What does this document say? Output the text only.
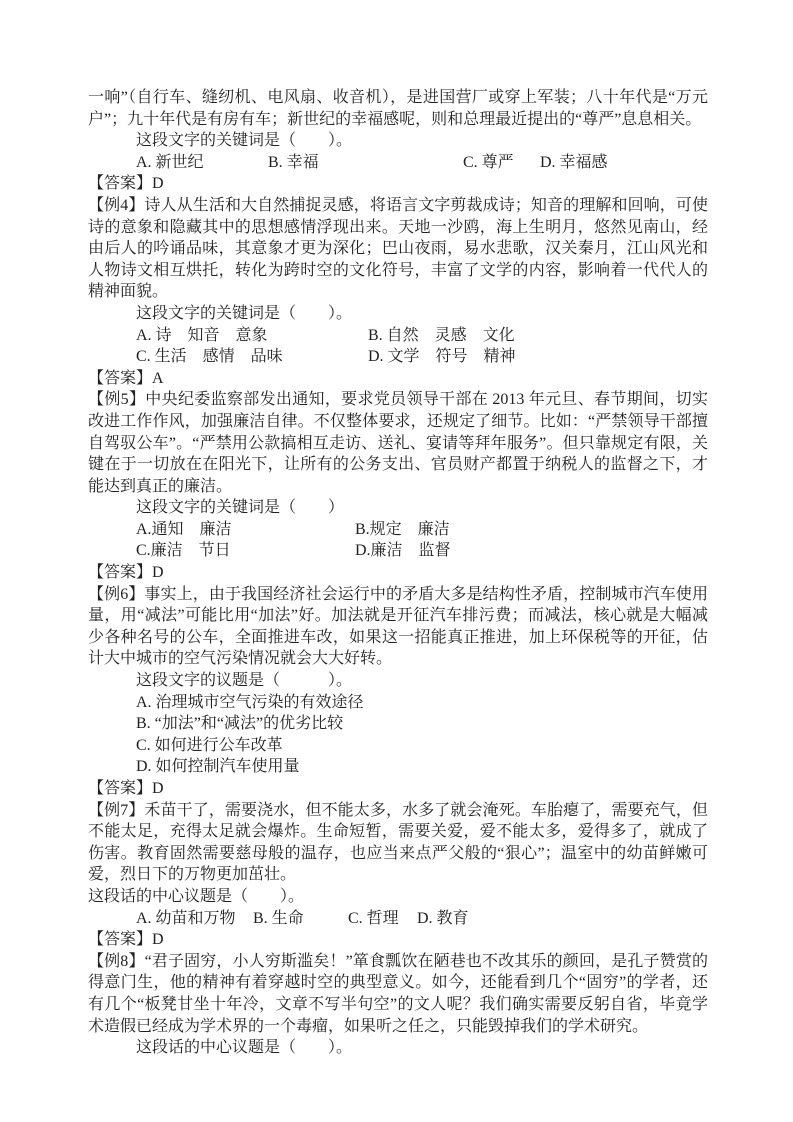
一响”（自行车、缝纫机、电风扇、收音机），是进国营厂或穿上军装；八十年代是“万元户”；九十年代是有房有车；新世纪的幸福感呢，则和总理最近提出的“尊严”息息相关。

这段文字的关键词是（　　）。

A. 新世纪	B. 幸福	C. 尊严 D. 幸福感

【答案】D

【例4】诗人从生活和大自然捕捉灵感，将语言文字剪裁成诗；知音的理解和回响，可使诗的意象和隐藏其中的思想感情浮现出来。天地一沙鸥，海上生明月，悠然见南山，经由后人的吟诵品味，其意象才更为深化；巴山夜雨，易水悲歌，汉关秦月，江山风光和人物诗文相互烘托，转化为跨时空的文化符号，丰富了文学的内容，影响着一代代人的精神面貌。

这段文字的关键词是（　　）。

A. 诗　知音　意象	B. 自然　灵感　文化
C. 生活　感情　品味	D. 文学　符号　精神

【答案】A

【例5】中央纪委监察部发出通知，要求党员领导干部在 2013 年元旦、春节期间，切实改进工作作风，加强廉洁自律。不仅整体要求，还规定了细节。比如：“严禁领导干部擅自驾驭公车”。“严禁用公款搞相互走访、送礼、宴请等拜年服务”。但只靠规定有限，关键在于一切放在在阳光下，让所有的公务支出、官员财产都置于纳税人的监督之下，才能达到真正的廉洁。

这段文字的关键词是（　　）

A.通知　廉洁	B.规定　廉洁
C.廉洁　节日	D.廉洁　监督

【答案】D

【例6】事实上，由于我国经济社会运行中的矛盾大多是结构性矛盾，控制城市汽车使用量，用“减法”可能比用“加法”好。加法就是开征汽车排污费；而减法，核心就是大幅减少各种名号的公车，全面推进车改，如果这一招能真正推进，加上环保税等的开征，估计大中城市的空气污染情况就会大大好转。

这段文字的议题是（　　　）。

A. 治理城市空气污染的有效途径

B. “加法”和“减法”的优劣比较

C. 如何进行公车改革

D. 如何控制汽车使用量

【答案】D

【例7】禾苗干了，需要浇水，但不能太多，水多了就会淹死。车胎瘪了，需要充气，但不能太足，充得太足就会爆炸。生命短暂，需要关爱，爱不能太多，爱得多了，就成了伤害。教育固然需要慈母般的温存，也应当来点严父般的“狠心”；温室中的幼苗鲜嫩可爱，烈日下的万物更加茁壮。

这段话的中心议题是（　　）。

A. 幼苗和万物 B. 生命	C. 哲理 D. 教育

【答案】D

【例8】“君子固穷，小人穷斯滥矣！”箪食瓢饮在陋巷也不改其乐的颜回，是孔子赞赏的得意门生，他的精神有着穿越时空的典型意义。如今，还能看到几个“固穷”的学者，还有几个“板凳甘坐十年冷，文章不写半句空”的文人呢？我们确实需要反躬自省，毕竟学术造假已经成为学术界的一个毒瘤，如果听之任之，只能毁掉我们的学术研究。

这段话的中心议题是（　　）。
